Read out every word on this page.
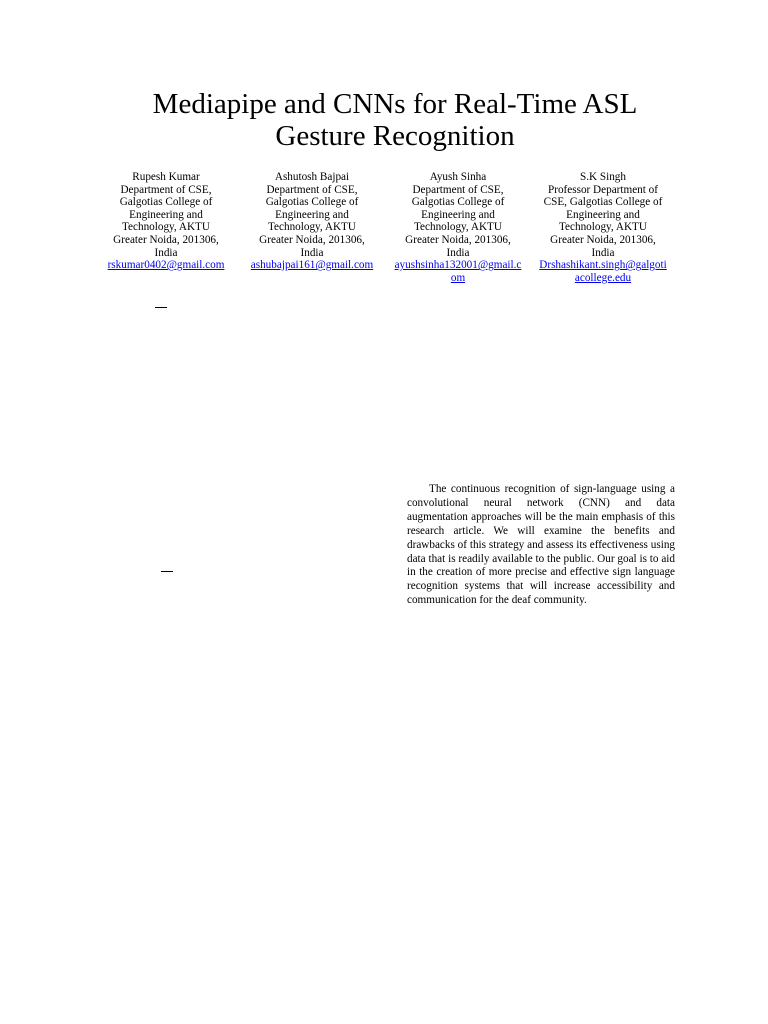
Mediapipe and CNNs for Real-Time ASL
Gesture Recognition
Rupesh Kumar
Department of CSE,
Galgotias College of
Engineering and
Technology, AKTU
Greater Noida, 201306,
India
rskumar0402@gmail.com
Ashutosh Bajpai
Department of CSE,
Galgotias College of
Engineering and
Technology, AKTU
Greater Noida, 201306,
India
ashubajpai161@gmail.com
Ayush Sinha
Department of CSE,
Galgotias College of
Engineering and
Technology, AKTU
Greater Noida, 201306,
India
ayushsinha132001@gmail.com
S.K Singh
Professor Department of
CSE, Galgotias College of
Engineering and
Technology, AKTU
Greater Noida, 201306,
India
Drshashikant.singh@galgotiacollege.edu

The continuous recognition of sign-language using a convolutional neural network (CNN) and data augmentation approaches will be the main emphasis of this research article. We will examine the benefits and drawbacks of this strategy and assess its effectiveness using data that is readily available to the public. Our goal is to aid in the creation of more precise and effective sign language recognition systems that will increase accessibility and communication for the deaf community.
